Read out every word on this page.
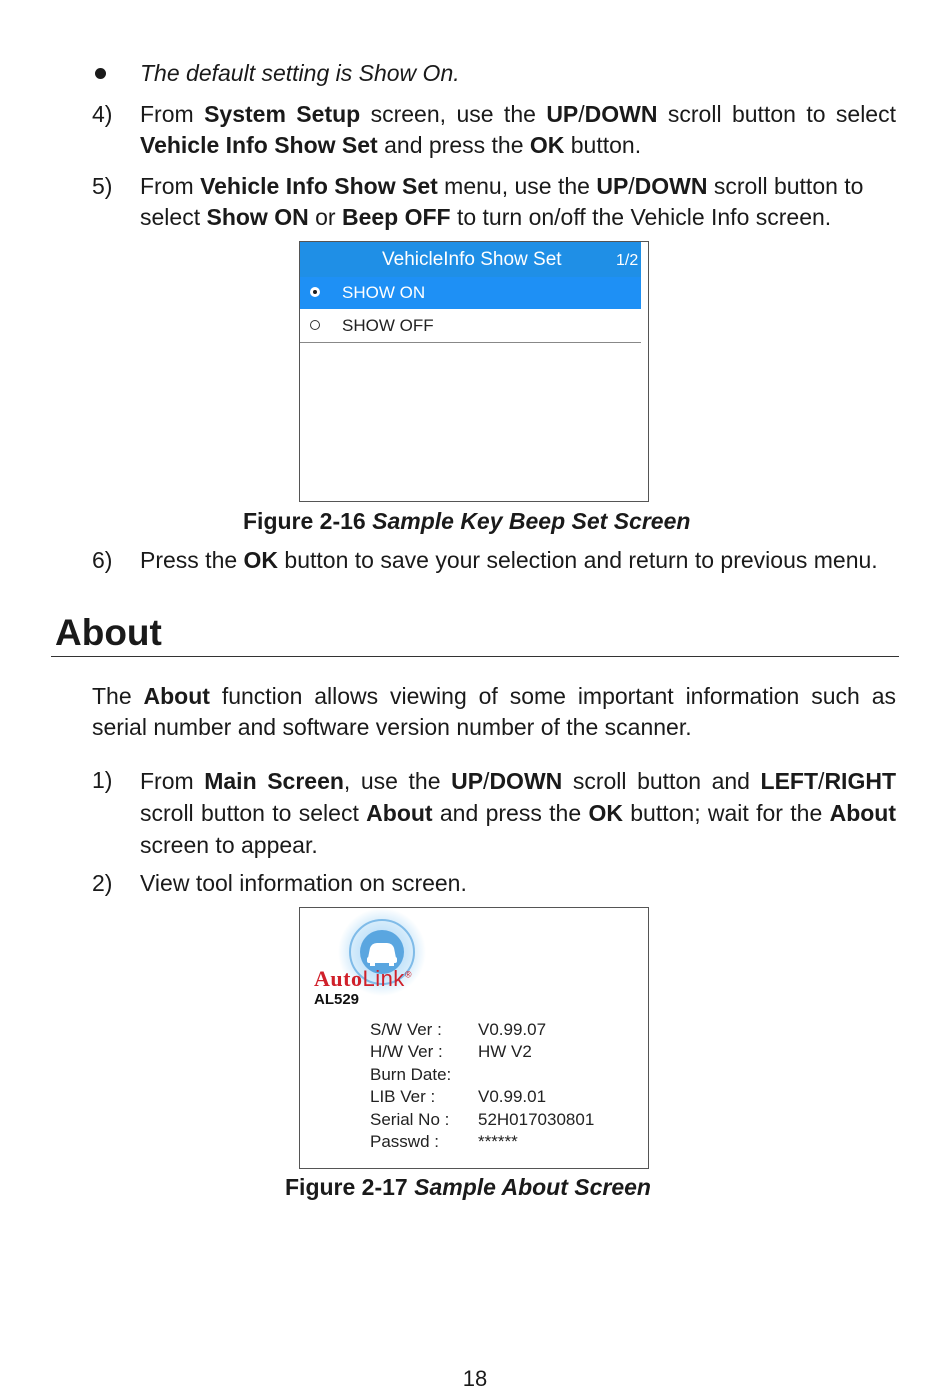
The default setting is Show On.
4) From System Setup screen, use the UP/DOWN scroll button to select Vehicle Info Show Set and press the OK button.
5) From Vehicle Info Show Set menu, use the UP/DOWN scroll button to select Show ON or Beep OFF to turn on/off the Vehicle Info screen.
VehicleInfo Show Set	1/2
SHOW ON
SHOW OFF
Figure 2-16 Sample Key Beep Set Screen
6) Press the OK button to save your selection and return to previous menu.
About
The About function allows viewing of some important information such as serial number and software version number of the scanner.
1) From Main Screen, use the UP/DOWN scroll button and LEFT/RIGHT scroll button to select About and press the OK button; wait for the About screen to appear.
2) View tool information on screen.
AutoLink®
AL529
S/W Ver : V0.99.07
H/W Ver : HW V2
Burn Date:
LIB Ver :	V0.99.01
Serial No : 52H017030801
Passwd : ******
Figure 2-17 Sample About Screen
18
